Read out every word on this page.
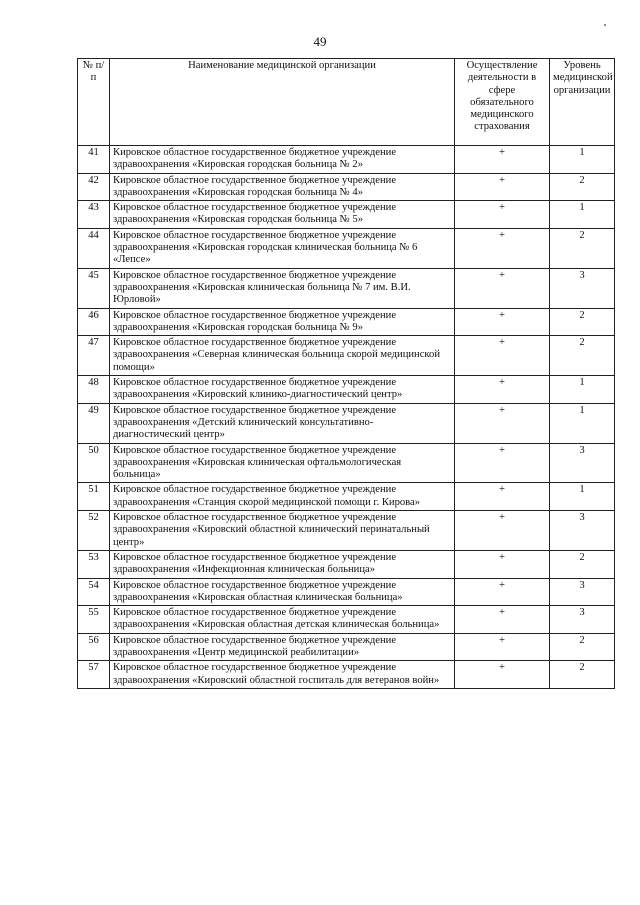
49
№ п/п	Наименование медицинской организации	Осуществление деятельности в сфере обязательного медицинского страхования	Уровень медицинской организации
41	Кировское областное государственное бюджетное учреждение здравоохранения «Кировская городская больница № 2»	+	1
42	Кировское областное государственное бюджетное учреждение здравоохранения «Кировская городская больница № 4»	+	2
43	Кировское областное государственное бюджетное учреждение здравоохранения «Кировская городская больница № 5»	+	1
44	Кировское областное государственное бюджетное учреждение здравоохранения «Кировская городская клиническая больница № 6 «Лепсе»	+	2
45	Кировское областное государственное бюджетное учреждение здравоохранения «Кировская клиническая больница № 7 им. В.И. Юрловой»	+	3
46	Кировское областное государственное бюджетное учреждение здравоохранения «Кировская городская больница № 9»	+	2
47	Кировское областное государственное бюджетное учреждение здравоохранения «Северная клиническая больница скорой медицинской помощи»	+	2
48	Кировское областное государственное бюджетное учреждение здравоохранения «Кировский клинико-диагностический центр»	+	1
49	Кировское областное государственное бюджетное учреждение здравоохранения «Детский клинический консультативно-диагностический центр»	+	1
50	Кировское областное государственное бюджетное учреждение здравоохранения «Кировская клиническая офтальмологическая больница»	+	3
51	Кировское областное государственное бюджетное учреждение здравоохранения «Станция скорой медицинской помощи г. Кирова»	+	1
52	Кировское областное государственное бюджетное учреждение здравоохранения «Кировский областной клинический перинатальный центр»	+	3
53	Кировское областное государственное бюджетное учреждение здравоохранения «Инфекционная клиническая больница»	+	2
54	Кировское областное государственное бюджетное учреждение здравоохранения «Кировская областная клиническая больница»	+	3
55	Кировское областное государственное бюджетное учреждение здравоохранения «Кировская областная детская клиническая больница»	+	3
56	Кировское областное государственное бюджетное учреждение здравоохранения «Центр медицинской реабилитации»	+	2
57	Кировское областное государственное бюджетное учреждение здравоохранения «Кировский областной госпиталь для ветеранов войн»	+	2
